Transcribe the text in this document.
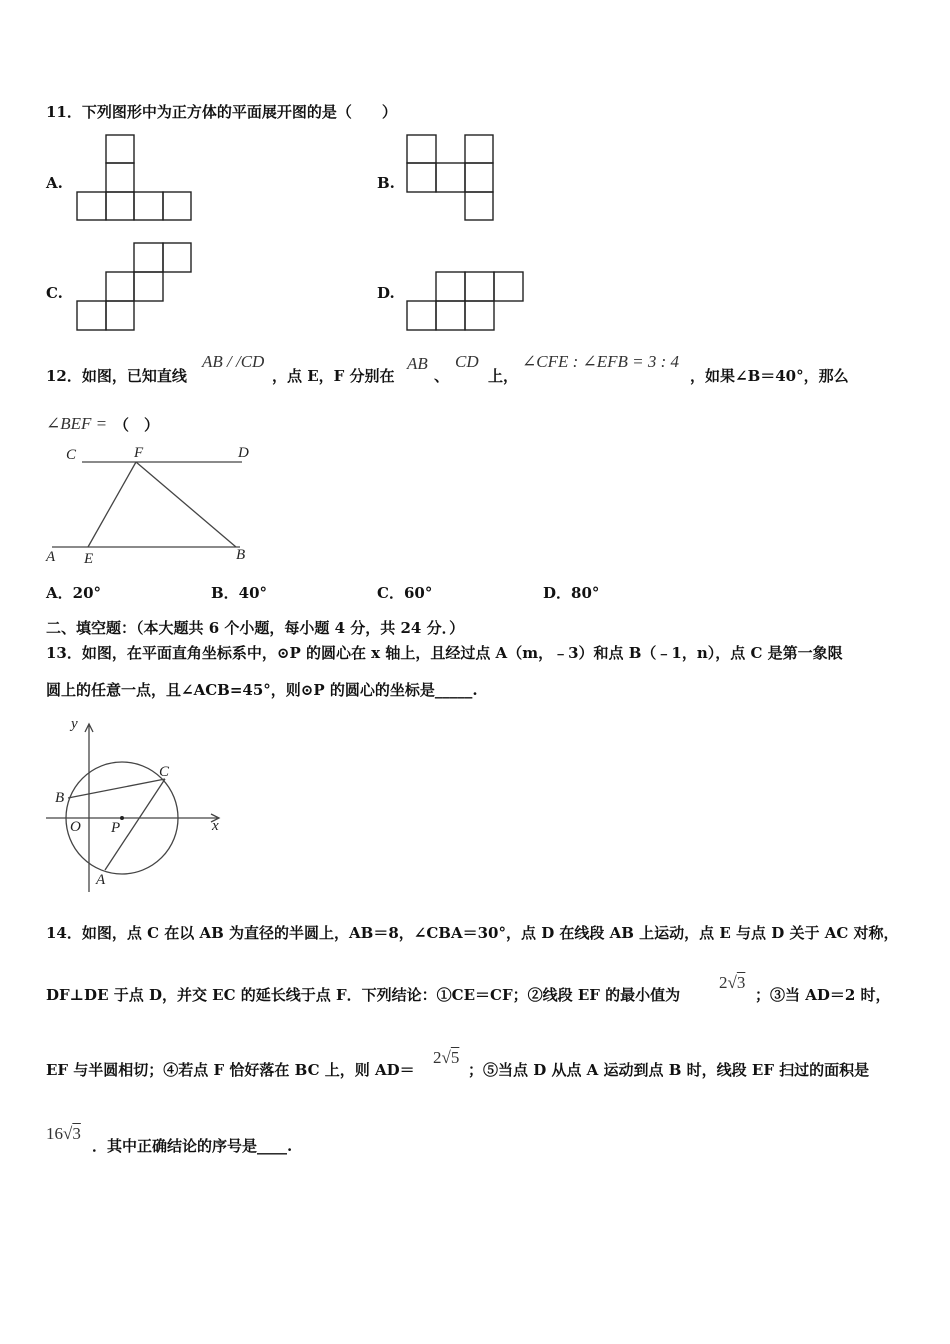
11．下列图形中为正方体的平面展开图的是（　　）
A.	B.
C.	D.
12．如图，已知直线
AB / /CD
，点 E，F 分别在
AB
、
CD
上，
∠CFE : ∠EFB = 3 : 4
，如果∠B＝40°，那么
∠BEF = （　）
C	F	D
A E	B
A．20°	B．40°	C．60°	D．80°
二、填空题：（本大题共 6 个小题，每小题 4 分，共 24 分．）
13．如图，在平面直角坐标系中，⊙P 的圆心在 x 轴上，且经过点 A（m，﹣3）和点 B（﹣1，n），点 C 是第一象限
圆上的任意一点，且∠ACB=45°，则⊙P 的圆心的坐标是_____.
y
x
O P
B
C
A
14．如图，点 C 在以 AB 为直径的半圆上，AB＝8，∠CBA＝30°，点 D 在线段 AB 上运动，点 E 与点 D 关于 AC 对称，
DF⊥DE 于点 D，并交 EC 的延长线于点 F．下列结论：①CE＝CF；②线段 EF 的最小值为
2√3
；③当 AD＝2 时，
EF 与半圆相切；④若点 F 恰好落在 BC 上，则 AD＝
2√5
；⑤当点 D 从点 A 运动到点 B 时，线段 EF 扫过的面积是
16√3
．其中正确结论的序号是____.
